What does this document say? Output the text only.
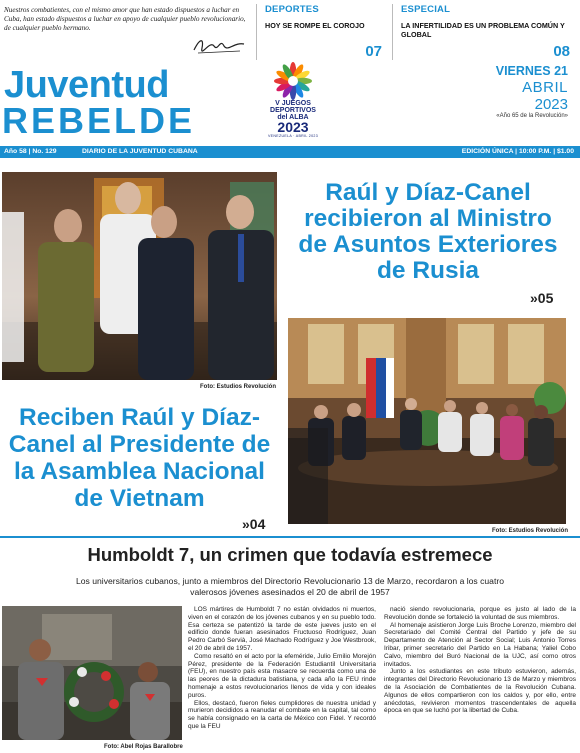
Nuestros combatientes, con el mismo amor que han estado dispuestos a luchar en Cuba, han estado dispuestos a luchar en apoyo de cualquier pueblo revolucionario, de cualquier pueblo hermano.
DEPORTES
HOY SE ROMPE EL COROJO
07
ESPECIAL
LA INFERTILIDAD ES UN PROBLEMA COMÚN Y GLOBAL
08
Juventud
REBELDE	V JUEGOS
DEPORTIVOS
del ALBA
2023
VENEZUELA · ABRIL 2023
VIERNES 21
ABRIL
2023
«Año 65 de la Revolución»
Año 58 | No. 129	DIARIO DE LA JUVENTUD CUBANA	EDICIÓN ÚNICA | 10:00 P.M. | $1.00
Foto: Estudios Revolución
Raúl y Díaz-Canel recibieron al Ministro de Asuntos Exteriores de Rusia
»05
Foto: Estudios Revolución
Reciben Raúl y Díaz-Canel al Presidente de la Asamblea Nacional de Vietnam
»04
Humboldt 7, un crimen que todavía estremece
Los universitarios cubanos, junto a miembros del Directorio Revolucionario 13 de Marzo, recordaron a los cuatro valerosos jóvenes asesinados el 20 de abril de 1957
Foto: Abel Rojas Barallobre

LOS mártires de Humboldt 7 no están olvidados ni muertos, viven en el corazón de los jóvenes cubanos y en su pueblo todo. Esa certeza se patentizó la tarde de este jueves justo en el edificio donde fueran asesinados Fructuoso Rodríguez, Juan Pedro Carbó Servià, José Machado Rodríguez y Joe Westbrook, el 20 de abril de 1957.

Como resaltó en el acto por la efeméride, Julio Emilio Morejón Pérez, presidente de la Federación Estudiantil Universitaria (FEU), en nuestro país esta masacre se recuerda como una de las peores de la dictadura batistiana, y cada año la FEU rinde homenaje a estos revolucionarios llenos de vida y con ideales puros.

Ellos, destacó, fueron fieles cumplidores de nuestra unidad y murieron decididos a reanudar el combate en la capital, tal como se había consignado en la carta de México con Fidel. Y recordó que la FEU

nació siendo revolucionaria, porque es justo al lado de la Revolución donde se fortaleció la voluntad de sus miembros.

Al homenaje asistieron Jorge Luis Broche Lorenzo, miembro del Secretariado del Comité Central del Partido y jefe de su Departamento de Atención al Sector Social; Luis Antonio Torres Iribar, primer secretario del Partido en La Habana; Yaliel Cobo Calvo, miembro del Buró Nacional de la UJC, así como otros invitados.

Junto a los estudiantes en este tributo estuvieron, además, integrantes del Directorio Revolucionario 13 de Marzo y miembros de la Asociación de Combatientes de la Revolución Cubana. Algunos de ellos compartieron con los caldos y, por ello, entre anécdotas, revivieron momentos trascendentales de aquella época en que se luchó por la libertad de Cuba.
